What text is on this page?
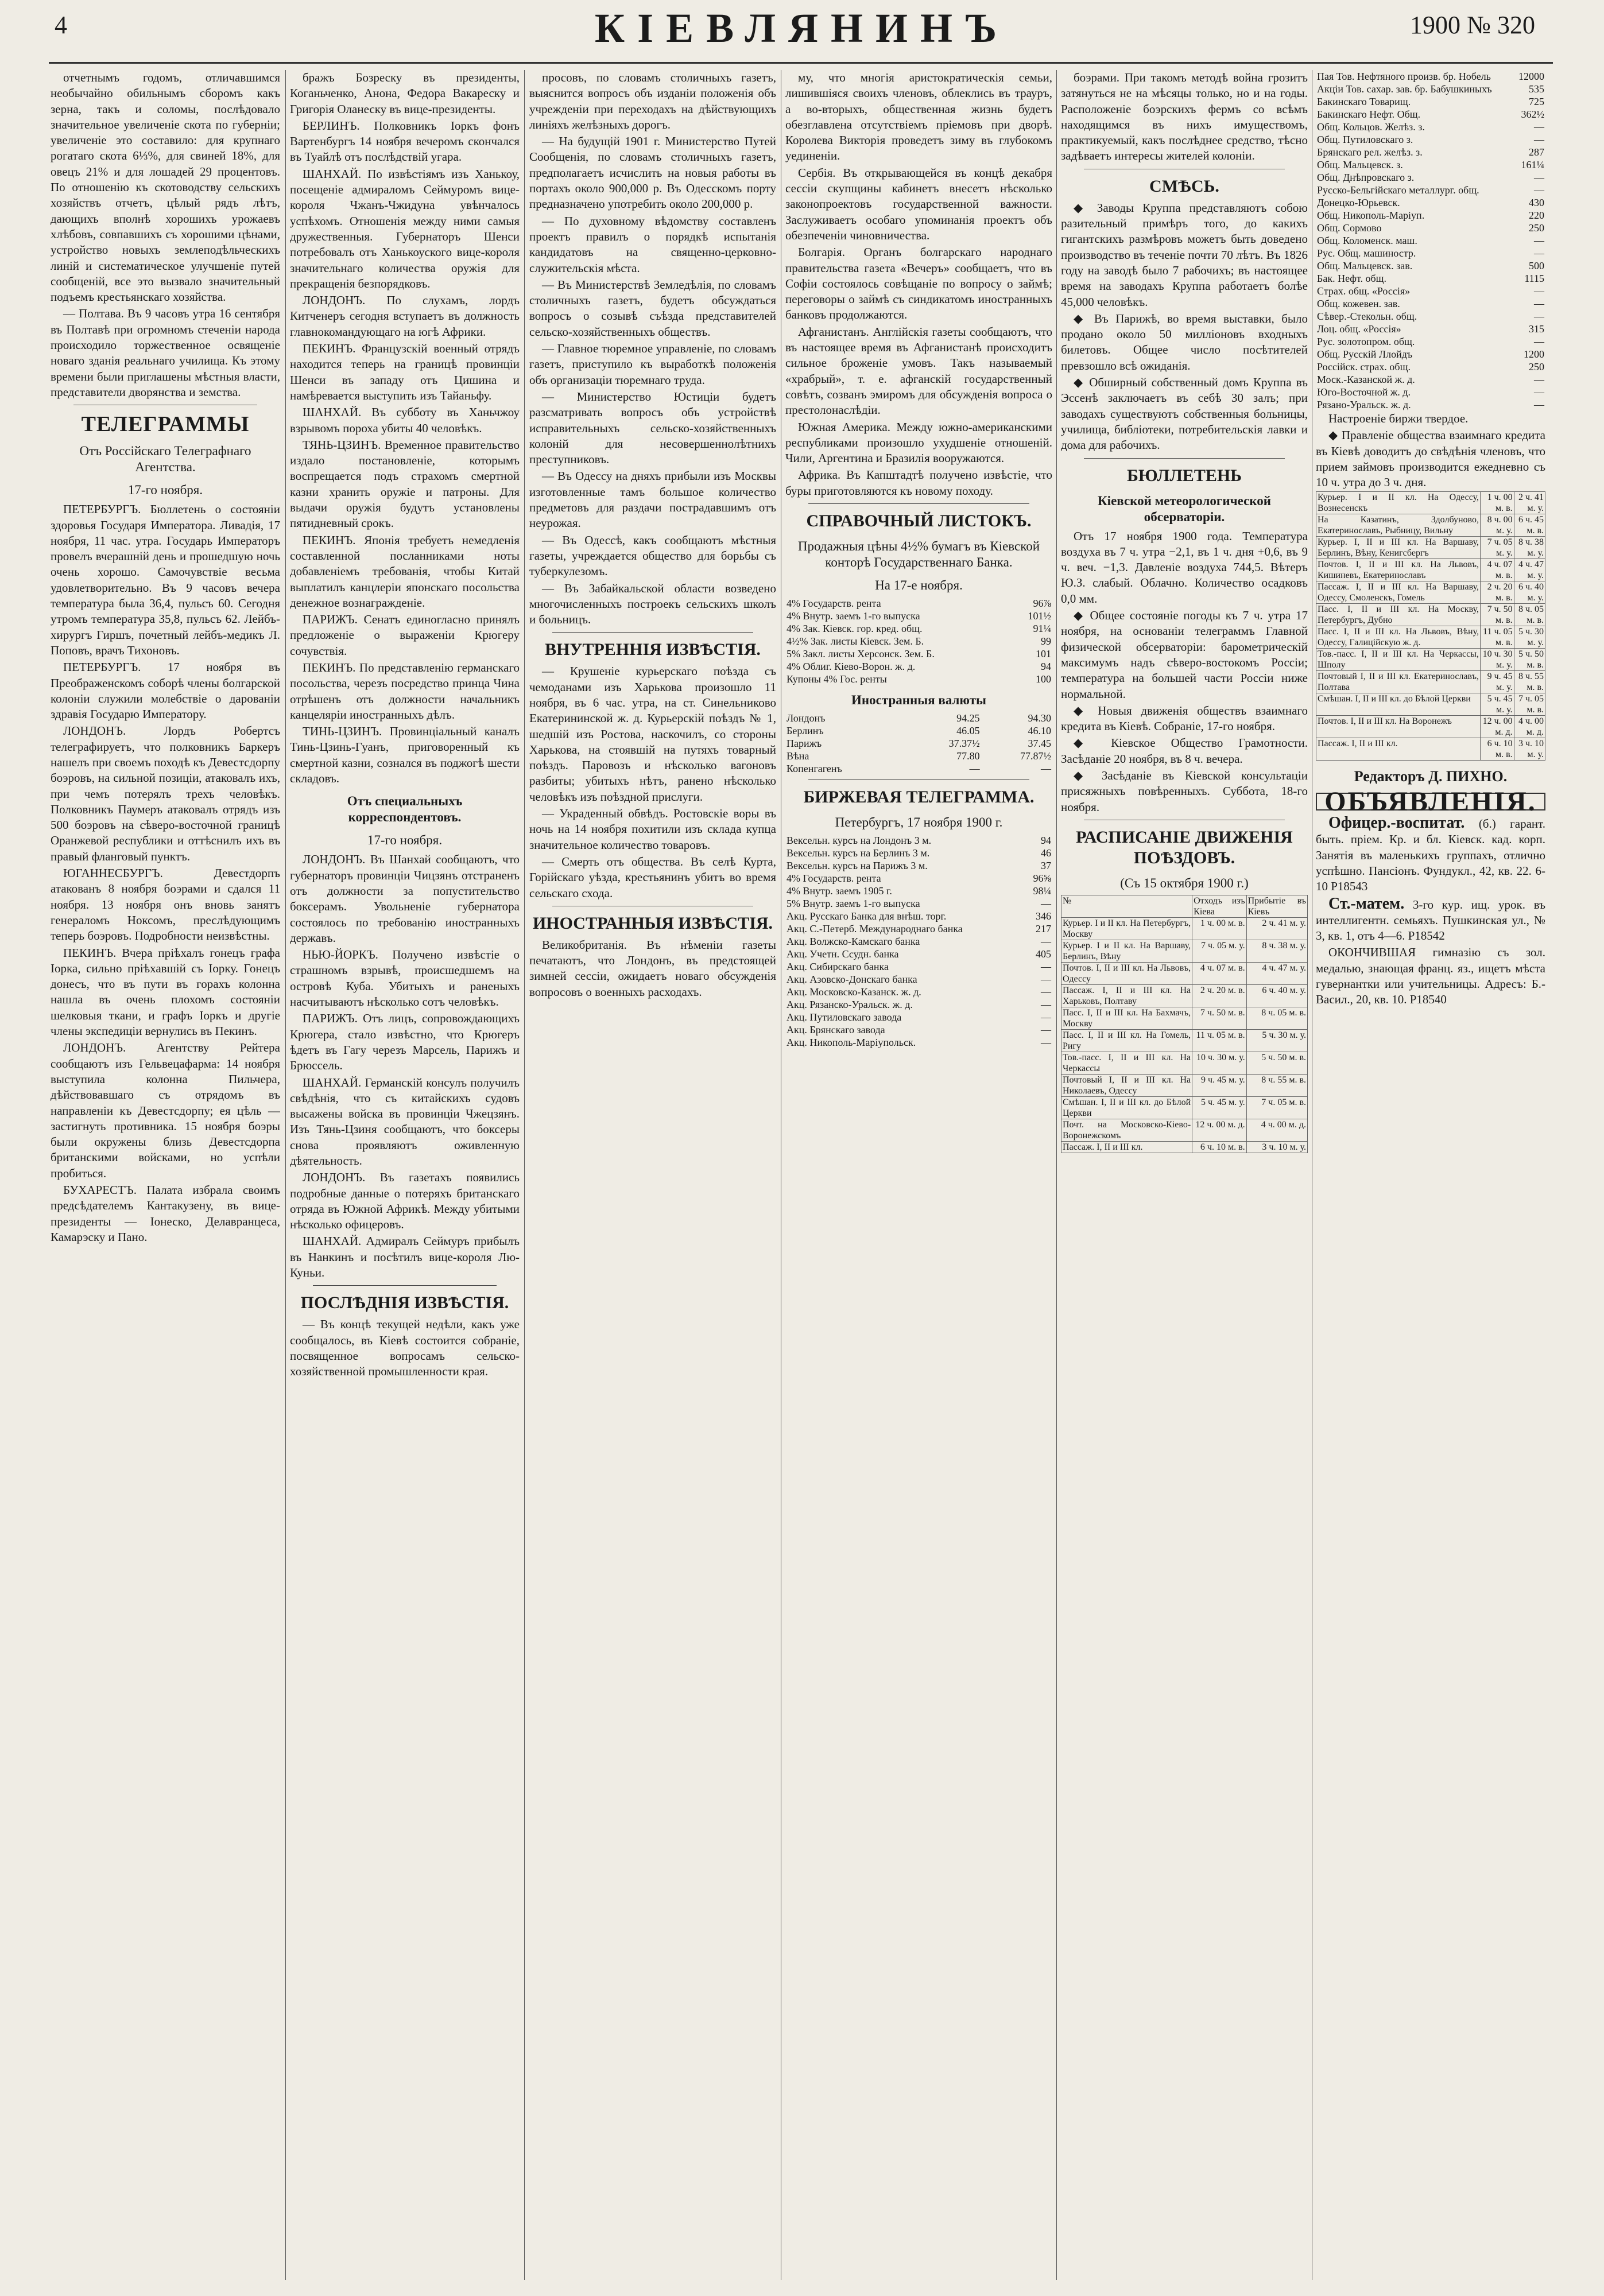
4	КІЕВЛЯНИНЪ	1900 № 320

отчетнымъ годомъ, отличавшимся необычайно обильнымъ сборомъ какъ зерна, такъ и соломы, послѣдовало значительное увеличеніе скота по губерніи; увеличеніе это составило: для крупнаго рогатаго скота 6⅓%, для свиней 18%, для овецъ 21% и для лошадей 29 процентовъ. По отношенію къ скотоводству сельскихъ хозяйствъ отчетъ, цѣлый рядъ лѣтъ, дающихъ вполнѣ хорошихъ урожаевъ хлѣбовъ, совпавшихъ съ хорошими цѣнами, устройство новыхъ землеподѣльческихъ линій и систематическое улучшеніе путей сообщеній, все это вызвало значительный подъемъ крестьянскаго хозяйства.

— Полтава. Въ 9 часовъ утра 16 сентября въ Полтавѣ при огромномъ стеченіи народа происходило торжественное освященіе новаго зданія реальнаго училища. Къ этому времени были приглашены мѣстныя власти, представители дворянства и земства.

ТЕЛЕГРАММЫ
Отъ Россійскаго Телеграфнаго Агентства.
17-го ноября.

ПЕТЕРБУРГЪ. Бюллетень о состояніи здоровья Государя Императора. Ливадія, 17 ноября, 11 час. утра. Государь Императоръ провелъ вчерашній день и прошедшую ночь очень хорошо. Самочувствіе весьма удовлетворительно. Въ 9 часовъ вечера температура была 36,4, пульсъ 60. Сегодня утромъ температура 35,8, пульсъ 62. Лейбъ-хирургъ Гиршъ, почетный лейбъ-медикъ Л. Поповъ, врачъ Тихоновъ.

ПЕТЕРБУРГЪ. 17 ноября въ Преображенскомъ соборѣ члены болгарской колоніи служили молебствіе о дарованіи здравія Государю Императору.

ЛОНДОНЪ. Лордъ Робертсъ телеграфируетъ, что полковникъ Баркеръ нашелъ при своемъ походѣ къ Девестсдорпу боэровъ, на сильной позиціи, атаковалъ ихъ, при чемъ потерялъ трехъ человѣкъ. Полковникъ Паумеръ атаковалъ отрядъ изъ 500 боэровъ на сѣверо-восточной границѣ Оранжевой республики и оттѣснилъ ихъ въ правый фланговый пунктъ.

ЮГАННЕСБУРГЪ. Девестдорпъ атакованъ 8 ноября боэрами и сдался 11 ноября. 13 ноября онъ вновь занятъ генераломъ Ноксомъ, преслѣдующимъ теперь боэровъ. Подробности неизвѣстны.

ПЕКИНЪ. Вчера пріѣхалъ гонецъ графа Іорка, сильно пріѣхавшій съ Іорку. Гонецъ донесъ, что въ пути въ горахъ колонна нашла въ очень плохомъ состояніи шелковыя ткани, и графъ Іоркъ и другіе члены экспедиціи вернулись въ Пекинъ.

ЛОНДОНЪ. Агентству Рейтера сообщаютъ изъ Гельвецафарма: 14 ноября выступила колонна Пильчера, дѣйствовавшаго съ отрядомъ въ направленіи къ Девестсдорпу; ея цѣль — застигнуть противника. 15 ноября боэры были окружены близь Девестсдорпа британскими войсками, но успѣли пробиться.

БУХАРЕСТЪ. Палата избрала своимъ предсѣдателемъ Кантакузену, въ вице-президенты — Іонеско, Делавранцеса, Камарэску и Пано.

бражъ Бозреску въ президенты, Коганьченко, Анона, Федора Вакареску и Григорія Оланеску въ вице-президенты.

БЕРЛИНЪ. Полковникъ Іоркъ фонъ Вартенбургъ 14 ноября вечеромъ скончался въ Туайлѣ отъ послѣдствій угара.

ШАНХАЙ. По извѣстіямъ изъ Ханькоу, посещеніе адмираломъ Сеймуромъ вице-короля Чжанъ-Чжидуна увѣнчалось успѣхомъ. Отношенія между ними самыя дружественныя. Губернаторъ Шенси потребовалъ отъ Ханькоуского вице-короля значительнаго количества оружія для прекращенія безпорядковъ.

ЛОНДОНЪ. По слухамъ, лордъ Китченеръ сегодня вступаетъ въ должность главнокомандующаго на югѣ Африки.

ПЕКИНЪ. Французскій военный отрядъ находится теперь на границѣ провинціи Шенси въ западу отъ Цишина и намѣревается выступить изъ Тайаньфу.

ШАНХАЙ. Въ субботу въ Ханьчжоу взрывомъ пороха убиты 40 человѣкъ.

ТЯНЬ-ЦЗИНЪ. Временное правительство издало постановленіе, которымъ воспрещается подъ страхомъ смертной казни хранить оружіе и патроны. Для выдачи оружія будутъ установлены пятидневный срокъ.

ПЕКИНЪ. Японія требуетъ немедленія составленной посланниками ноты добавленіемъ требованія, чтобы Китай выплатилъ канцлеріи японскаго посольства денежное вознагражденіе.

ПАРИЖЪ. Сенатъ единогласно принялъ предложеніе о выраженіи Крюгеру сочувствія.

ПЕКИНЪ. По представленію германскаго посольства, черезъ посредство принца Чина отрѣшенъ отъ должности начальникъ канцеляріи иностранныхъ дѣлъ.

ТИНЬ-ЦЗИНЪ. Провинціальный каналъ Тинь-Цзинь-Гуанъ, приговоренный къ смертной казни, сознался въ поджогѣ шести складовъ.

Отъ специальныхъ корреспондентовъ.
17-го ноября.

ЛОНДОНЪ. Въ Шанхай сообщаютъ, что губернаторъ провинціи Чицзянъ отстраненъ отъ должности за попустительство боксерамъ. Увольненіе губернатора состоялось по требованію иностранныхъ державъ.

НЬЮ-ЙОРКЪ. Получено извѣстіе о страшномъ взрывѣ, происшедшемъ на островѣ Куба. Убитыхъ и раненыхъ насчитываютъ нѣсколько сотъ человѣкъ.

ПАРИЖЪ. Отъ лицъ, сопровождающихъ Крюгера, стало извѣстно, что Крюгеръ ѣдетъ въ Гагу черезъ Марсель, Парижъ и Брюссель.

ШАНХАЙ. Германскій консулъ получилъ свѣдѣнія, что съ китайскихъ судовъ высажены войска въ провинціи Чжецзянъ. Изъ Тянь-Цзиня сообщаютъ, что боксеры снова проявляютъ оживленную дѣятельность.

ЛОНДОНЪ. Въ газетахъ появились подробные данные о потеряхъ британскаго отряда въ Южной Африкѣ. Между убитыми нѣсколько офицеровъ.

ШАНХАЙ. Адмиралъ Сеймуръ прибылъ въ Нанкинъ и посѣтилъ вице-короля Лю-Куньи.

ПОСЛѢДНІЯ ИЗВѢСТІЯ.

— Въ концѣ текущей недѣли, какъ уже сообщалось, въ Кіевѣ состоится собраніе, посвященное вопросамъ сельско-хозяйственной промышленности края.

просовъ, по словамъ столичныхъ газетъ, выяснится вопросъ объ изданіи положенія объ учрежденіи при переходахъ на дѣйствующихъ линіяхъ желѣзныхъ дорогъ.

— На будущій 1901 г. Министерство Путей Сообщенія, по словамъ столичныхъ газетъ, предполагаетъ исчислить на новыя работы въ портахъ около 900,000 р. Въ Одесскомъ порту предназначено употребить около 200,000 р.

— По духовному вѣдомству составленъ проектъ правилъ о порядкѣ испытанія кандидатовъ на священно-церковно-служительскія мѣста.

— Въ Министерствѣ Земледѣлія, по словамъ столичныхъ газетъ, будетъ обсуждаться вопросъ о созывѣ съѣзда представителей сельско-хозяйственныхъ обществъ.

— Главное тюремное управленіе, по словамъ газетъ, приступило къ выработкѣ положенія объ организаціи тюремнаго труда.

— Министерство Юстиціи будетъ разсматривать вопросъ объ устройствѣ исправительныхъ сельско-хозяйственныхъ колоній для несовершеннолѣтнихъ преступниковъ.

— Въ Одессу на дняхъ прибыли изъ Москвы изготовленные тамъ большое количество предметовъ для раздачи пострадавшимъ отъ неурожая.

— Въ Одессѣ, какъ сообщаютъ мѣстныя газеты, учреждается общество для борьбы съ туберкулезомъ.

— Въ Забайкальской области возведено многочисленныхъ построекъ сельскихъ школъ и больницъ.

ВНУТРЕННІЯ ИЗВѢСТІЯ.

— Крушеніе курьерскаго поѣзда съ чемоданами изъ Харькова произошло 11 ноября, въ 6 час. утра, на ст. Синельниково Екатерининской ж. д. Курьерскій поѣздъ № 1, шедшій изъ Ростова, наскочилъ, со стороны Харькова, на стоявшій на путяхъ товарный поѣздъ. Паровозъ и нѣсколько вагоновъ разбиты; убитыхъ нѣтъ, ранено нѣсколько человѣкъ изъ поѣздной прислуги.

— Украденный обвѣдъ. Ростовскіе воры въ ночь на 14 ноября похитили изъ склада купца значительное количество товаровъ.

— Смерть отъ общества. Въ селѣ Курта, Горійскаго уѣзда, крестьянинъ убитъ во время сельскаго схода.

ИНОСТРАННЫЯ ИЗВѢСТІЯ.

Великобританія. Въ нѣменіи газеты печатаютъ, что Лондонъ, въ предстоящей зимней сессіи, ожидаетъ новаго обсужденія вопросовъ о военныхъ расходахъ.

му, что многія аристократическія семьи, лишившіяся своихъ членовъ, облеклись въ трауръ, а во-вторыхъ, общественная жизнь будетъ обезглавлена отсутствіемъ пріемовъ при дворѣ. Королева Викторія проведетъ зиму въ глубокомъ уединеніи.

Сербія. Въ открывающейся въ концѣ декабря сессіи скупщины кабинетъ внесетъ нѣсколько законопроектовъ государственной важности. Заслуживаетъ особаго упоминанія проектъ объ обезпеченіи чиновничества.

Болгарія. Органъ болгарскаго народнаго правительства газета «Вечеръ» сообщаетъ, что въ Софіи состоялось совѣщаніе по вопросу о займѣ; переговоры о займѣ съ синдикатомъ иностранныхъ банковъ продолжаются.

Афганистанъ. Англійскія газеты сообщаютъ, что въ настоящее время въ Афганистанѣ происходитъ сильное броженіе умовъ. Такъ называемый «храбрый», т. е. афганскій государственный совѣтъ, созванъ эмиромъ для обсужденія вопроса о престолонаслѣдіи.

Южная Америка. Между южно-американскими республиками произошло ухудшеніе отношеній. Чили, Аргентина и Бразилія вооружаются.

Африка. Въ Капштадтѣ получено извѣстіе, что буры приготовляются къ новому походу.

СПРАВОЧНЫЙ ЛИСТОКЪ.
Продажныя цѣны 4½% бумагъ въ Кіевской конторѣ Государственнаго Банка.
На 17-е ноября.
4% Государств. рента	96⅞
4% Внутр. заемъ 1-го выпуска	101½
4% Зак. Кіевск. гор. кред. общ.	91¼
4½% Зак. листы Кіевск. Зем. Б.	99
5% Закл. листы Херсонск. Зем. Б.	101
4% Облиг. Кіево-Ворон. ж. д.	94
Купоны 4% Гос. ренты	100
Иностранныя валюты
Лондонъ	94.25	94.30
Берлинъ	46.05	46.10
Парижъ	37.37½	37.45
Вѣна	77.80	77.87½
Копенгагенъ	—	—
БИРЖЕВАЯ ТЕЛЕГРАММА.
Петербургъ, 17 ноября 1900 г.
Вексельн. курсъ на Лондонъ 3 м.	94
Вексельн. курсъ на Берлинъ 3 м.	46
Вексельн. курсъ на Парижъ 3 м.	37
4% Государств. рента	96⅝
4% Внутр. заемъ 1905 г.	98¼
5% Внутр. заемъ 1-го выпуска	—
Акц. Русскаго Банка для внѣш. торг.	346
Акц. С.-Петерб. Международнаго банка	217
Акц. Волжско-Камскаго банка	—
Акц. Учетн. Ссудн. банка	405
Акц. Сибирскаго банка	—
Акц. Азовско-Донскаго банка	—
Акц. Московско-Казанск. ж. д.	—
Акц. Рязанско-Уральск. ж. д.	—
Акц. Путиловскаго завода	—
Акц. Брянскаго завода	—
Акц. Никополь-Маріупольск.	—

боэрами. При такомъ методѣ война грозитъ затянуться не на мѣсяцы только, но и на годы. Расположеніе боэрскихъ фермъ со всѣмъ находящимся въ нихъ имуществомъ, практикуемый, какъ послѣднее средство, тѣсно задѣваетъ интересы жителей колоніи.

СМѢСЬ.

◆ Заводы Круппа представляютъ собою разительный примѣръ того, до какихъ гигантскихъ размѣровъ можетъ быть доведено производство въ теченіе почти 70 лѣтъ. Въ 1826 году на заводѣ было 7 рабочихъ; въ настоящее время на заводахъ Круппа работаетъ болѣе 45,000 человѣкъ.

◆ Въ Парижѣ, во время выставки, было продано около 50 милліоновъ входныхъ билетовъ. Общее число посѣтителей превзошло всѣ ожиданія.

◆ Обширный собственный домъ Круппа въ Эссенѣ заключаетъ въ себѣ 30 залъ; при заводахъ существуютъ собственныя больницы, училища, библіотеки, потребительскія лавки и дома для рабочихъ.

БЮЛЛЕТЕНЬ
Кіевской метеорологической обсерваторіи.

Отъ 17 ноября 1900 года. Температура воздуха въ 7 ч. утра −2,1, въ 1 ч. дня +0,6, въ 9 ч. веч. −1,3. Давленіе воздуха 744,5. Вѣтеръ Ю.З. слабый. Облачно. Количество осадковъ 0,0 мм.

◆ Общее состояніе погоды къ 7 ч. утра 17 ноября, на основаніи телеграммъ Главной физической обсерваторіи: барометрическій максимумъ надъ сѣверо-востокомъ Россіи; температура на большей части Россіи ниже нормальной.

◆ Новыя движенія обществъ взаимнаго кредита въ Кіевѣ. Собраніе, 17-го ноября.

◆ Кіевское Общество Грамотности. Засѣданіе 20 ноября, въ 8 ч. вечера.

◆ Засѣданіе въ Кіевской консультаціи присяжныхъ повѣренныхъ. Суббота, 18-го ноября.

РАСПИСАНІЕ ДВИЖЕНІЯ ПОѢЗДОВЪ.
(Съ 15 октября 1900 г.)
№	Отходъ изъ Кіева	Прибытіе въ Кіевъ
Курьер. І и II кл. На Петербургъ, Москву	1 ч. 00 м. в.	2 ч. 41 м. у.
Курьер. І и II кл. На Варшаву, Берлинъ, Вѣну	7 ч. 05 м. у.	8 ч. 38 м. у.
Почтов. І, II и III кл. На Львовъ, Одессу	4 ч. 07 м. в.	4 ч. 47 м. у.
Пассаж. І, II и III кл. На Харьковъ, Полтаву	2 ч. 20 м. в.	6 ч. 40 м. у.
Пасс. І, II и III кл. На Бахмачъ, Москву	7 ч. 50 м. в.	8 ч. 05 м. в.
Пасс. І, II и III кл. На Гомель, Ригу	11 ч. 05 м. в.	5 ч. 30 м. у.
Тов.-пасс. І, II и III кл. На Черкассы	10 ч. 30 м. у.	5 ч. 50 м. в.
Почтовый І, II и III кл. На Николаевъ, Одессу	9 ч. 45 м. у.	8 ч. 55 м. в.
Смѣшан. І, II и III кл. до Бѣлой Церкви	5 ч. 45 м. у.	7 ч. 05 м. в.
Почт. на Московско-Кіево-Воронежскомъ	12 ч. 00 м. д.	4 ч. 00 м. д.
Пассаж. І, II и III кл.	6 ч. 10 м. в.	3 ч. 10 м. у.
Пая Тов. Нефтяного произв. бр. Нобель	12000
Акціи Тов. сахар. зав. бр. Бабушкиныхъ	535
Бакинскаго Товарищ.	725
Бакинскаго Нефт. Общ.	362½
Общ. Кольцов. Желѣз. з.	—
Общ. Путиловскаго з.	—
Брянскаго рел. желѣз. з.	287
Общ. Мальцевск. з.	161¼
Общ. Днѣпровскаго з.	—
Русско-Бельгійскаго металлург. общ.	—
Донецко-Юрьевск.	430
Общ. Никополь-Маріуп.	220
Общ. Сормово	250
Общ. Коломенск. маш.	—
Рус. Общ. машиностр.	—
Общ. Мальцевск. зав.	500
Бак. Нефт. общ.	1115
Страх. общ. «Россія»	—
Общ. кожевен. зав.	—
Сѣвер.-Стекольн. общ.	—
Лоц. общ. «Россія»	315
Рус. золотопром. общ.	—
Общ. Русскій Ллойдъ	1200
Россійск. страх. общ.	250
Моск.-Казанской ж. д.	—
Юго-Восточной ж. д.	—
Рязано-Уральск. ж. д.	—

Настроеніе биржи твердое.

◆ Правленіе общества взаимнаго кредита въ Кіевѣ доводитъ до свѣдѣнія членовъ, что прием займовъ производится ежедневно съ 10 ч. утра до 3 ч. дня.

Курьер. І и II кл. На Одессу, Вознесенскъ	1 ч. 00 м. в.	2 ч. 41 м. у.
На Казатинъ, Здолбуново, Екатеринославъ, Рыбницу, Вильну	8 ч. 00 м. у.	6 ч. 45 м. в.
Курьер. І, II и III кл. На Варшаву, Берлинъ, Вѣну, Кенигсбергъ	7 ч. 05 м. у.	8 ч. 38 м. у.
Почтов. І, II и III кл. На Львовъ, Кишиневъ, Екатеринославъ	4 ч. 07 м. в.	4 ч. 47 м. у.
Пассаж. І, II и III кл. На Варшаву, Одессу, Смоленскъ, Гомель	2 ч. 20 м. в.	6 ч. 40 м. у.
Пасс. І, II и III кл. На Москву, Петербургъ, Дубно	7 ч. 50 м. в.	8 ч. 05 м. в.
Пасс. І, II и III кл. На Львовъ, Вѣну, Одессу, Галиційскую ж. д.	11 ч. 05 м. в.	5 ч. 30 м. у.
Тов.-пасс. І, II и III кл. На Черкассы, Шполу	10 ч. 30 м. у.	5 ч. 50 м. в.
Почтовый І, II и III кл. Екатеринославъ, Полтава	9 ч. 45 м. у.	8 ч. 55 м. в.
Смѣшан. І, II и III кл. до Бѣлой Церкви	5 ч. 45 м. у.	7 ч. 05 м. в.
Почтов. І, II и III кл. На Воронежъ	12 ч. 00 м. д.	4 ч. 00 м. д.
Пассаж. І, II и III кл.	6 ч. 10 м. в.	3 ч. 10 м. у.
Редакторъ Д. ПИХНО.
ОБЪЯВЛЕНІЯ.

Офицер.-воспитат. (б.) гарант. быть. пріем. Кр. и бл. Кіевск. кад. корп. Занятія въ маленькихъ группахъ, отлично успѣшно. Пансіонъ. Фундукл., 42, кв. 22. 6-10 Р18543

Ст.-матем. 3-го кур. ищ. урок. въ интеллигентн. семьяхъ. Пушкинская ул., № 3, кв. 1, отъ 4—6. Р18542

ОКОНЧИВШАЯ гимназію съ зол. медалью, знающая франц. яз., ищетъ мѣста гувернантки или учительницы. Адресъ: Б.-Васил., 20, кв. 10. Р18540
